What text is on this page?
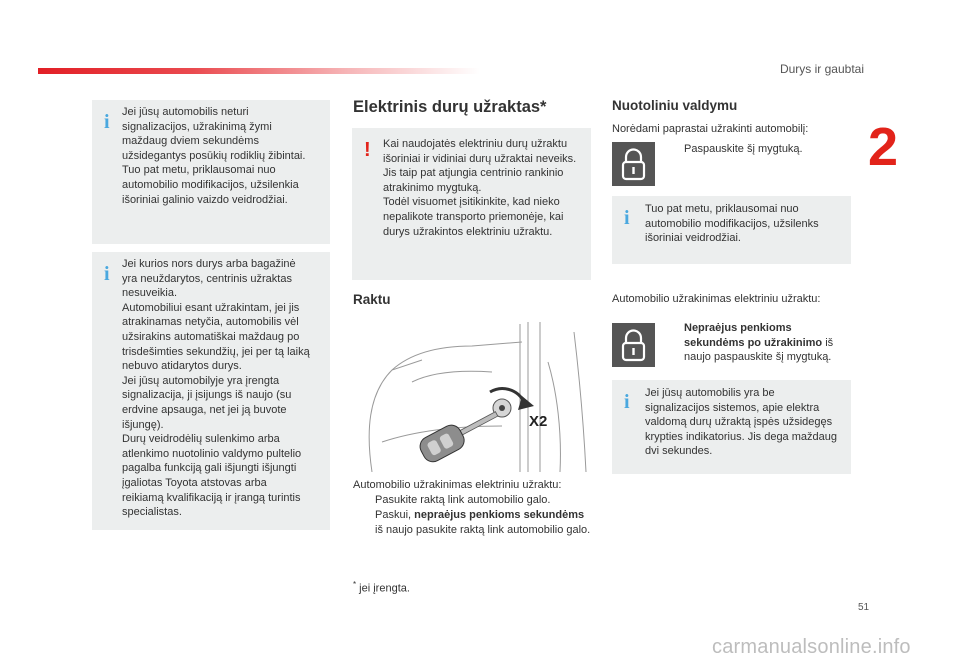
Durys ir gaubtai
2
i Jei jūsų automobilis neturi
signalizacijos, užrakinimą žymi
maždaug dviem sekundėms
užsidegantys posūkių rodiklių žibintai.
Tuo pat metu, priklausomai nuo
automobilio modifikacijos, užsilenkia
išoriniai galinio vaizdo veidrodžiai.
i Jei kurios nors durys arba bagažinė
yra neuždarytos, centrinis užraktas
nesuveikia.
Automobiliui esant užrakintam, jei jis
atrakinamas netyčia, automobilis vėl
užsirakins automatiškai maždaug po
trisdešimties sekundžių, jei per tą laiką
nebuvo atidarytos durys.
Jei jūsų automobilyje yra įrengta
signalizacija, ji įsijungs iš naujo (su
erdvine apsauga, net jei ją buvote
išjungę).
Durų veidrodėlių sulenkimo arba
atlenkimo nuotolinio valdymo pultelio
pagalba funkciją gali išjungti išjungti
įgaliotas Toyota atstovas arba
reikiamą kvalifikaciją ir įrangą turintis
specialistas.
Elektrinis durų užraktas*
! Kai naudojatės elektriniu durų užraktu
išoriniai ir vidiniai durų užraktai neveiks.
Jis taip pat atjungia centrinio rankinio
atrakinimo mygtuką.
Todėl visuomet įsitikinkite, kad nieko
nepalikote transporto priemonėje, kai
durys užrakintos elektriniu užraktu.
Raktu
X2
Automobilio užrakinimas elektriniu užraktu:
Pasukite raktą link automobilio galo.
Paskui, nepraėjus penkioms sekundėms iš naujo pasukite raktą link automobilio galo.
* jei įrengta.
Nuotoliniu valdymu
Norėdami paprastai užrakinti automobilį:
Paspauskite šį mygtuką.
i Tuo pat metu, priklausomai nuo
automobilio modifikacijos, užsilenks
išoriniai veidrodžiai.
Automobilio užrakinimas elektriniu užraktu:
Nepraėjus penkioms sekundėms po užrakinimo iš naujo paspauskite šį mygtuką.
i Jei jūsų automobilis yra be
signalizacijos sistemos, apie elektra
valdomą durų užraktą įspės užsidegęs
krypties indikatorius. Jis dega maždaug
dvi sekundes.
51
carmanualsonline.info
